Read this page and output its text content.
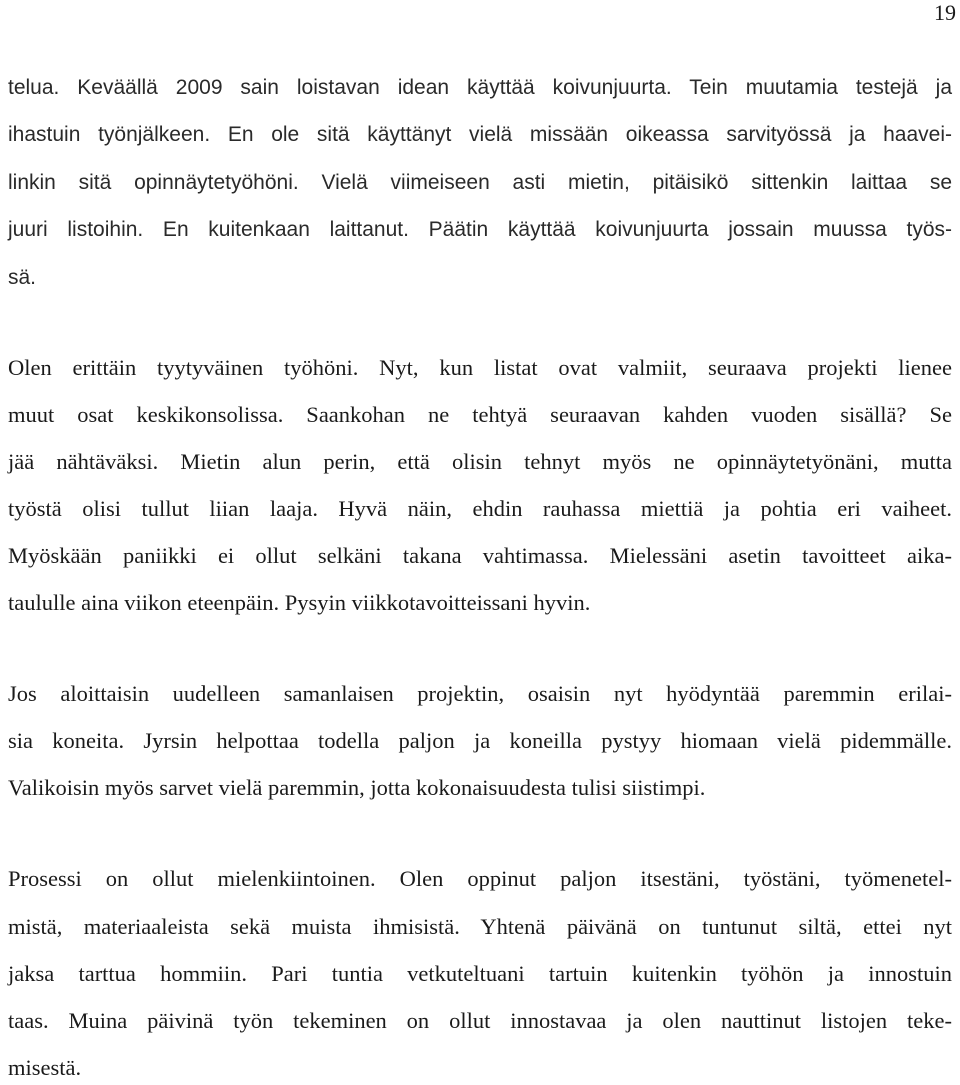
19
telua. Keväällä 2009 sain loistavan idean käyttää koivunjuurta. Tein muutamia testejä ja
ihastuin työnjälkeen. En ole sitä käyttänyt vielä missään oikeassa sarvityössä ja haavei-
linkin sitä opinnäytetyöhöni. Vielä viimeiseen asti mietin, pitäisikö sittenkin laittaa se
juuri listoihin. En kuitenkaan laittanut. Päätin käyttää koivunjuurta jossain muussa työs-
sä.
Olen erittäin tyytyväinen työhöni. Nyt, kun listat ovat valmiit, seuraava projekti lienee
muut osat keskikonsolissa. Saankohan ne tehtyä seuraavan kahden vuoden sisällä? Se
jää nähtäväksi. Mietin alun perin, että olisin tehnyt myös ne opinnäytetyönäni, mutta
työstä olisi tullut liian laaja. Hyvä näin, ehdin rauhassa miettiä ja pohtia eri vaiheet.
Myöskään paniikki ei ollut selkäni takana vahtimassa. Mielessäni asetin tavoitteet aika-
taululle aina viikon eteenpäin. Pysyin viikkotavoitteissani hyvin.
Jos aloittaisin uudelleen samanlaisen projektin, osaisin nyt hyödyntää paremmin erilai-
sia koneita. Jyrsin helpottaa todella paljon ja koneilla pystyy hiomaan vielä pidemmälle.
Valikoisin myös sarvet vielä paremmin, jotta kokonaisuudesta tulisi siistimpi.
Prosessi on ollut mielenkiintoinen. Olen oppinut paljon itsestäni, työstäni, työmenetel-
mistä, materiaaleista sekä muista ihmisistä. Yhtenä päivänä on tuntunut siltä, ettei nyt
jaksa tarttua hommiin. Pari tuntia vetkuteltuani tartuin kuitenkin työhön ja innostuin
taas. Muina päivinä työn tekeminen on ollut innostavaa ja olen nauttinut listojen teke-
misestä.
